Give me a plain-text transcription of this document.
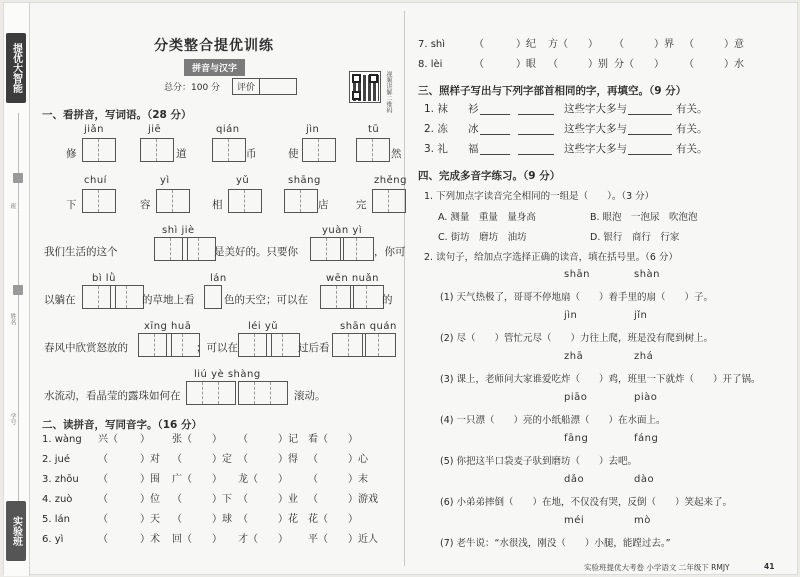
提优大智能
班
姓名
学号
实验班
分类整合提优训练
拼音与汉字
总分：100 分	评价	视频讲解二维码
一、看拼音，写词语。（28 分）
jiǎn
修
jiē
道
qián
币
jìn
使
tū
然
chuí
下
yì
容
yǔ
相
shāng
店
zhěng
完
shì jiè	yuàn yì
我们生活的这个	是美好的。只要你	，你可
bì lǜ	lán	wēn nuǎn
以躺在	的草地上看	色的天空；可以在	的
xīng huā	léi yǔ	shān quán
春风中欣赏怒放的	；可以在	过后看
liú yè shàng
水流动，看晶莹的露珠如何在	滚动。
二、读拼音，写同音字。（16 分）
三、照样子写出与下列字部首相同的字，再填空。（9 分）
四、完成多音字练习。（9 分）
1. 下列加点字读音完全相同的一组是（　　）。（3 分）
A. 测量　重量　量身高	B. 眼泡　一泡尿　吹泡泡
C. 街坊　磨坊　油坊	D. 银行　商行　行家
2. 读句子，给加点字选择正确的读音，填在括号里。（6 分）
实验班提优大考卷 小学语文 二年级下 RMJY	41
1. wàng 兴（ ） 张（ ） （	）记 看（ ）
2. jué	（	）对 （	）定 （	）得 （	）心
3. zhōu （	）围 广（ ） 龙（ ） （	）末
4. zuò	（	）位 （	）下 （	）业 （	）游戏
5. lán	（	）天 （	）球 （	）花 花（ ）
6. yì	（	）术 回（ ） 才（ ） 平（ ）近人
7. shì	（	）纪 方（ ） （	）界 （	）意
8. lèi	（	）眼 （	）别 分（ ） （	）水
1. 袜 衫	这些字大多与	有关。
2. 冻 冰	这些字大多与	有关。
3. 礼 福	这些字大多与	有关。
shān	shàn
(1) 天气热极了，哥哥不停地扇（　　）着手里的扇（　　）子。
jìn	jǐn
(2) 尽（　　）管忙元尽（　　）力往上爬，班是没有爬到树上。
zhā	zhá
(3) 课上，老师问大家谁爱吃炸（　　）鸡，班里一下就炸（　　）开了锅。
piāo	piào
(4) 一只漂（　　）亮的小纸船漂（　　）在水面上。
fāng	fáng
(5) 你把这半口袋麦子驮到磨坊（　　）去吧。
dǎo	dào
(6) 小弟弟摔倒（　　）在地，不仅没有哭，反倒（　　）笑起来了。
méi	mò
(7) 老牛说：“水很浅，刚没（　　）小腿，能蹚过去。”
